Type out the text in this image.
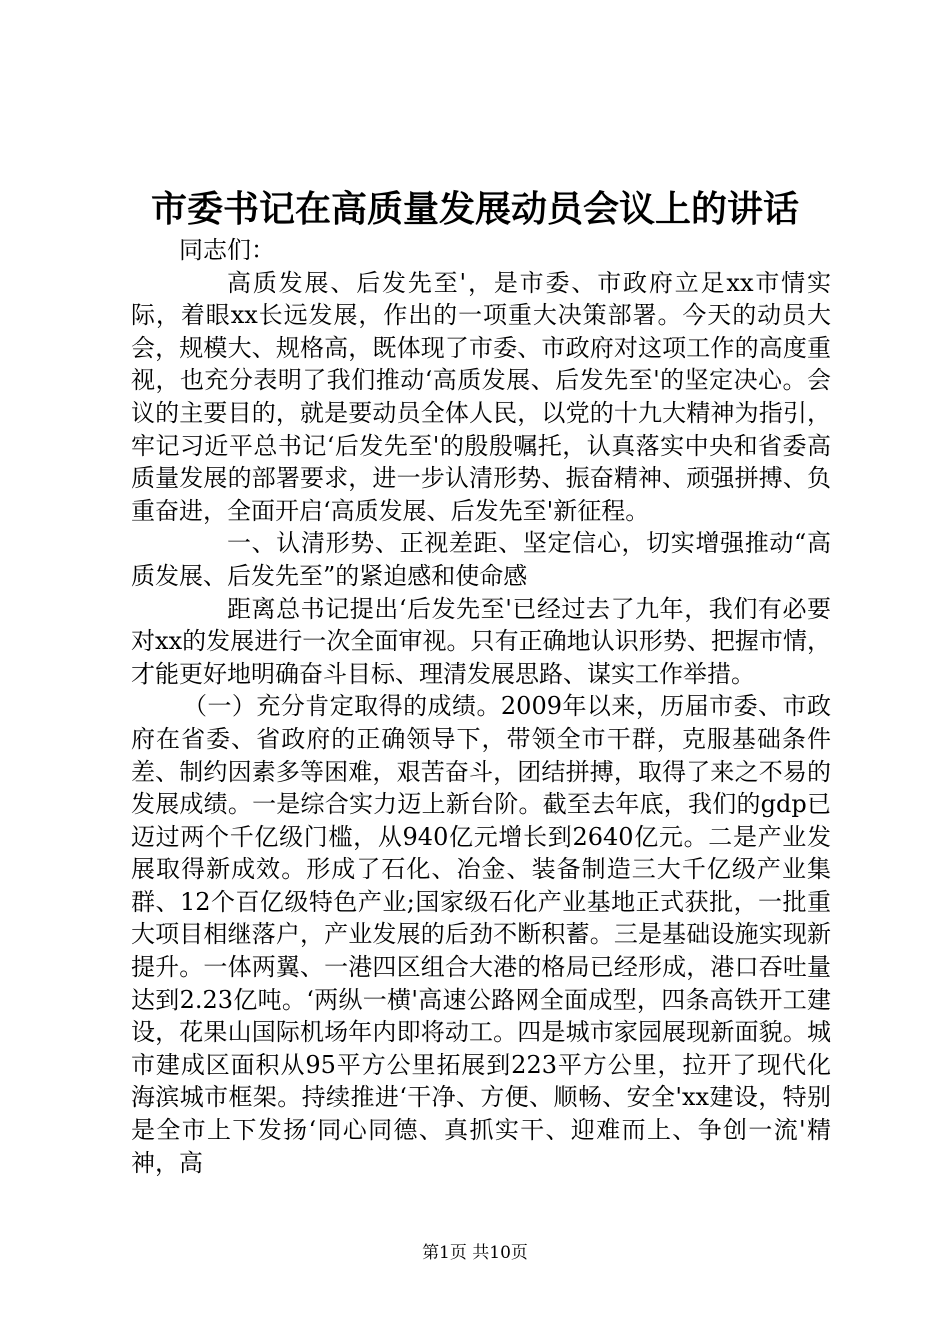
市委书记在高质量发展动员会议上的讲话

同志们：

高质发展、后发先至'，是市委、市政府立足xx市情实际，着眼xx长远发展，作出的一项重大决策部署。今天的动员大会，规模大、规格高，既体现了市委、市政府对这项工作的高度重视，也充分表明了我们推动‘高质发展、后发先至'的坚定决心。会议的主要目的，就是要动员全体人民，以党的十九大精神为指引，牢记习近平总书记‘后发先至'的殷殷嘱托，认真落实中央和省委高质量发展的部署要求，进一步认清形势、振奋精神、顽强拼搏、负重奋进，全面开启‘高质发展、后发先至'新征程。

一、认清形势、正视差距、坚定信心，切实增强推动“高质发展、后发先至”的紧迫感和使命感

距离总书记提出‘后发先至'已经过去了九年，我们有必要对xx的发展进行一次全面审视。只有正确地认识形势、把握市情，才能更好地明确奋斗目标、理清发展思路、谋实工作举措。

（一）充分肯定取得的成绩。2009年以来，历届市委、市政府在省委、省政府的正确领导下，带领全市干群，克服基础条件差、制约因素多等困难，艰苦奋斗，团结拼搏，取得了来之不易的发展成绩。一是综合实力迈上新台阶。截至去年底，我们的gdp已迈过两个千亿级门槛，从940亿元增长到2640亿元。二是产业发展取得新成效。形成了石化、冶金、装备制造三大千亿级产业集群、12个百亿级特色产业;国家级石化产业基地正式获批，一批重大项目相继落户，产业发展的后劲不断积蓄。三是基础设施实现新提升。一体两翼、一港四区组合大港的格局已经形成，港口吞吐量达到2.23亿吨。‘两纵一横'高速公路网全面成型，四条高铁开工建设，花果山国际机场年内即将动工。四是城市家园展现新面貌。城市建成区面积从95平方公里拓展到223平方公里，拉开了现代化海滨城市框架。持续推进‘干净、方便、顺畅、安全'xx建设，特别是全市上下发扬‘同心同德、真抓实干、迎难而上、争创一流'精神，高

第1页 共10页
